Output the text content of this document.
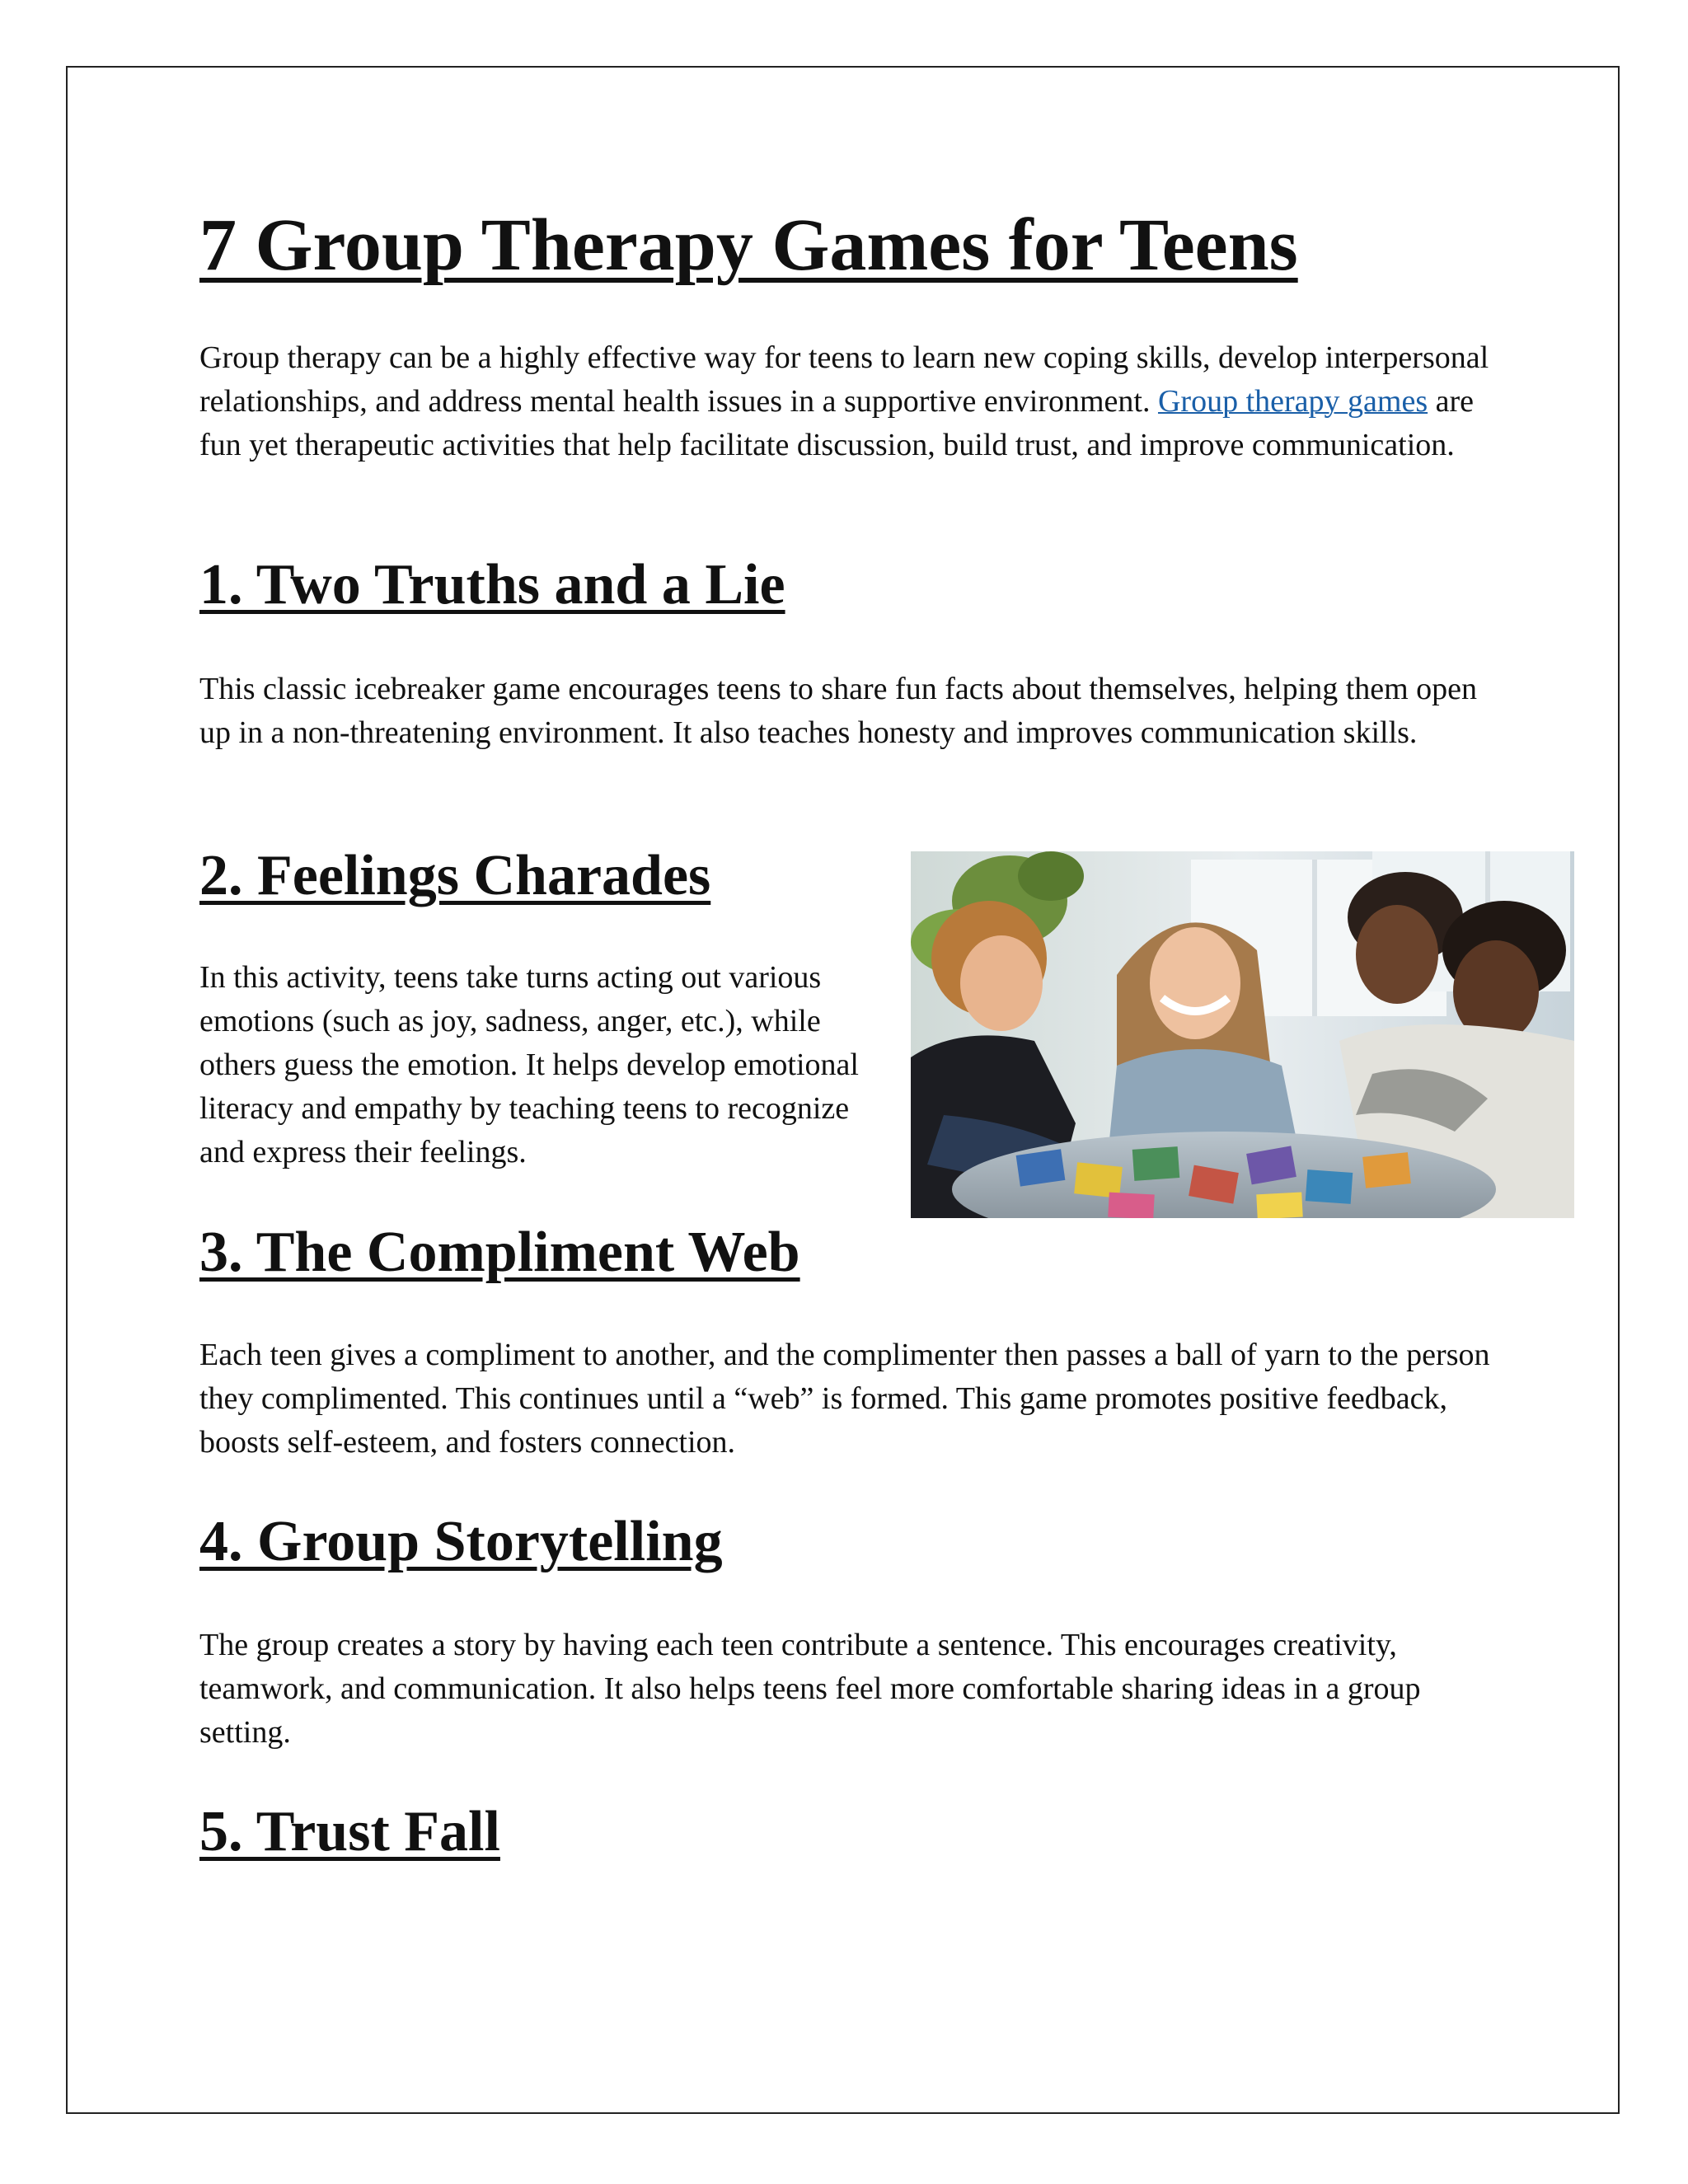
7 Group Therapy Games for Teens

Group therapy can be a highly effective way for teens to learn new coping skills, develop interpersonal relationships, and address mental health issues in a supportive environment. Group therapy games are fun yet therapeutic activities that help facilitate discussion, build trust, and improve communication.

1. Two Truths and a Lie

This classic icebreaker game encourages teens to share fun facts about themselves, helping them open up in a non-threatening environment. It also teaches honesty and improves communication skills.

2. Feelings Charades

In this activity, teens take turns acting out various emotions (such as joy, sadness, anger, etc.), while others guess the emotion. It helps develop emotional literacy and empathy by teaching teens to recognize and express their feelings.

3. The Compliment Web

Each teen gives a compliment to another, and the complimenter then passes a ball of yarn to the person they complimented. This continues until a “web” is formed. This game promotes positive feedback, boosts self-esteem, and fosters connection.

4. Group Storytelling

The group creates a story by having each teen contribute a sentence. This encourages creativity, teamwork, and communication. It also helps teens feel more comfortable sharing ideas in a group setting.

5. Trust Fall
